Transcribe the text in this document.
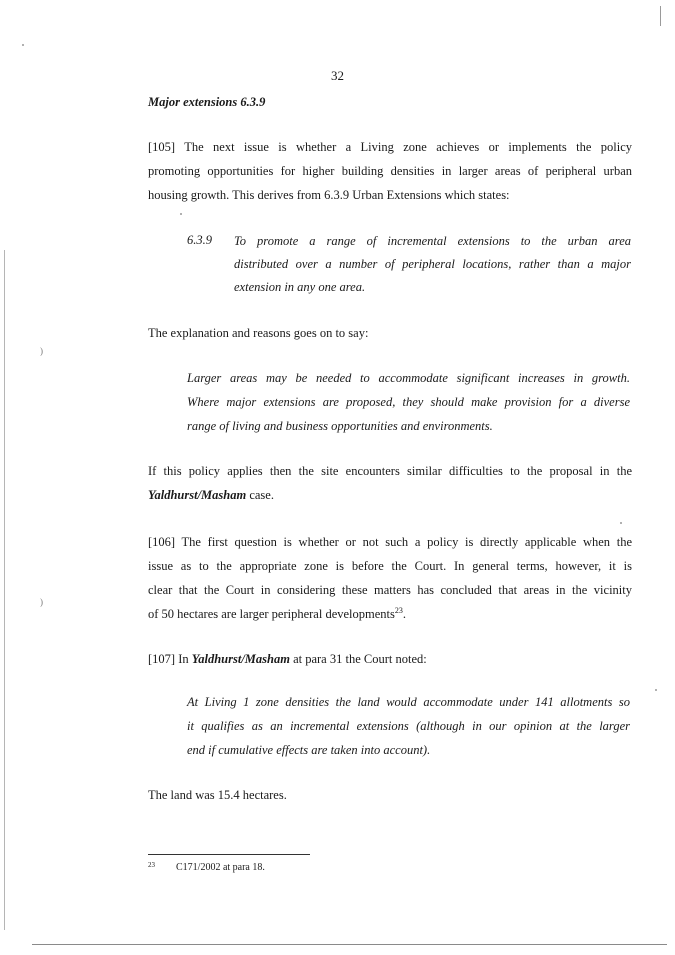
)
)
32
Major extensions 6.3.9
[105] The next issue is whether a Living zone achieves or implements the policy
promoting opportunities for higher building densities in larger areas of peripheral urban
housing growth. This derives from 6.3.9 Urban Extensions which states:
6.3.9 To promote a range of incremental extensions to the urban area
distributed over a number of peripheral locations, rather than a major
extension in any one area.
The explanation and reasons goes on to say:
Larger areas may be needed to accommodate significant increases in growth.
Where major extensions are proposed, they should make provision for a diverse
range of living and business opportunities and environments.
If this policy applies then the site encounters similar difficulties to the proposal in the
Yaldhurst/Masham case.
[106] The first question is whether or not such a policy is directly applicable when the
issue as to the appropriate zone is before the Court. In general terms, however, it is
clear that the Court in considering these matters has concluded that areas in the vicinity
of 50 hectares are larger peripheral developments$^{23}$.
[107] In Yaldhurst/Masham at para 31 the Court noted:
At Living 1 zone densities the land would accommodate under 141 allotments so
it qualifies as an incremental extensions (although in our opinion at the larger
end if cumulative effects are taken into account).
The land was 15.4 hectares.
23 C171/2002 at para 18.
